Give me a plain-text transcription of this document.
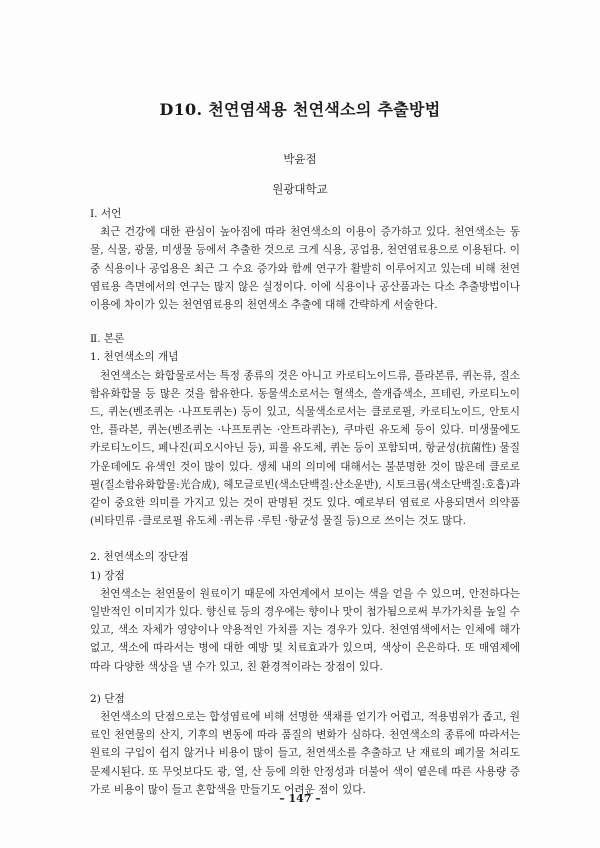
D10. 천연염색용 천연색소의 추출방법
박윤점
원광대학교

Ⅰ. 서언

최근 건강에 대한 관심이 높아짐에 따라 천연색소의 이용이 증가하고 있다. 천연색소는 동물, 식물, 광물, 미생물 등에서 추출한 것으로 크게 식용, 공업용, 천연염료용으로 이용된다. 이 중 식용이나 공업용은 최근 그 수요 증가와 함께 연구가 활발히 이루어지고 있는데 비해 천연염료용 측면에서의 연구는 많지 않은 실정이다. 이에 식용이나 공산품과는 다소 추출방법이나 이용에 차이가 있는 천연염료용의 천연색소 추출에 대해 간략하게 서술한다.

Ⅱ. 본론

1. 천연색소의 개념

천연색소는 화합물로서는 특정 종류의 것은 아니고 카로티노이드류, 플라본류, 퀴논류, 질소함유화합물 등 많은 것을 함유한다. 동물색소로서는 혈색소, 쓸개즙색소, 프테린, 카로티노이드, 퀴논(벤조퀴논 ·나프토퀴논) 등이 있고, 식물색소로서는 클로로필, 카로티노이드, 안토시안, 플라본, 퀴논(벤조퀴논 ·나프토퀴논 ·안트라퀴논), 쿠마린 유도체 등이 있다. 미생물에도 카로티노이드, 페나진(피오시아닌 등), 피롤 유도체, 퀴논 등이 포함되며, 항균성(抗菌性) 물질 가운데에도 유색인 것이 많이 있다. 생체 내의 의미에 대해서는 불분명한 것이 많은데 클로로필(질소함유화합물:光合成), 헤모글로빈(색소단백질:산소운반), 시토크롬(색소단백질:호흡)과 같이 중요한 의미를 가지고 있는 것이 판명된 것도 있다. 예로부터 염료로 사용되면서 의약품(비타민류 ·클로로필 유도체 ·퀴논류 ·루틴 ·항균성 물질 등)으로 쓰이는 것도 많다.

2. 천연색소의 장단점

1) 장점

천연색소는 천연물이 원료이기 때문에 자연계에서 보이는 색을 얻을 수 있으며, 안전하다는 일반적인 이미지가 있다. 향신료 등의 경우에는 향이나 맛이 첨가됨으로써 부가가치를 높일 수 있고, 색소 자체가 영양이나 약용적인 가치를 지는 경우가 있다. 천연염색에서는 인체에 해가 없고, 색소에 따라서는 병에 대한 예방 및 치료효과가 있으며, 색상이 은은하다. 또 매염제에 따라 다양한 색상을 낼 수가 있고, 친 환경적이라는 장점이 있다.

2) 단점

천연색소의 단점으로는 합성염료에 비해 선명한 색채를 얻기가 어렵고, 적용범위가 좁고, 원료인 천연물의 산지, 기후의 변동에 따라 품질의 변화가 심하다. 천연색소의 종류에 따라서는 원료의 구입이 쉽지 않거나 비용이 많이 들고, 천연색소를 추출하고 난 재료의 폐기물 처리도 문제시된다. 또 무엇보다도 광, 열, 산 등에 의한 안정성과 더불어 색이 옅은데 따른 사용량 증가로 비용이 많이 들고 혼합색을 만들기도 어려운 점이 있다.

– 147 –
